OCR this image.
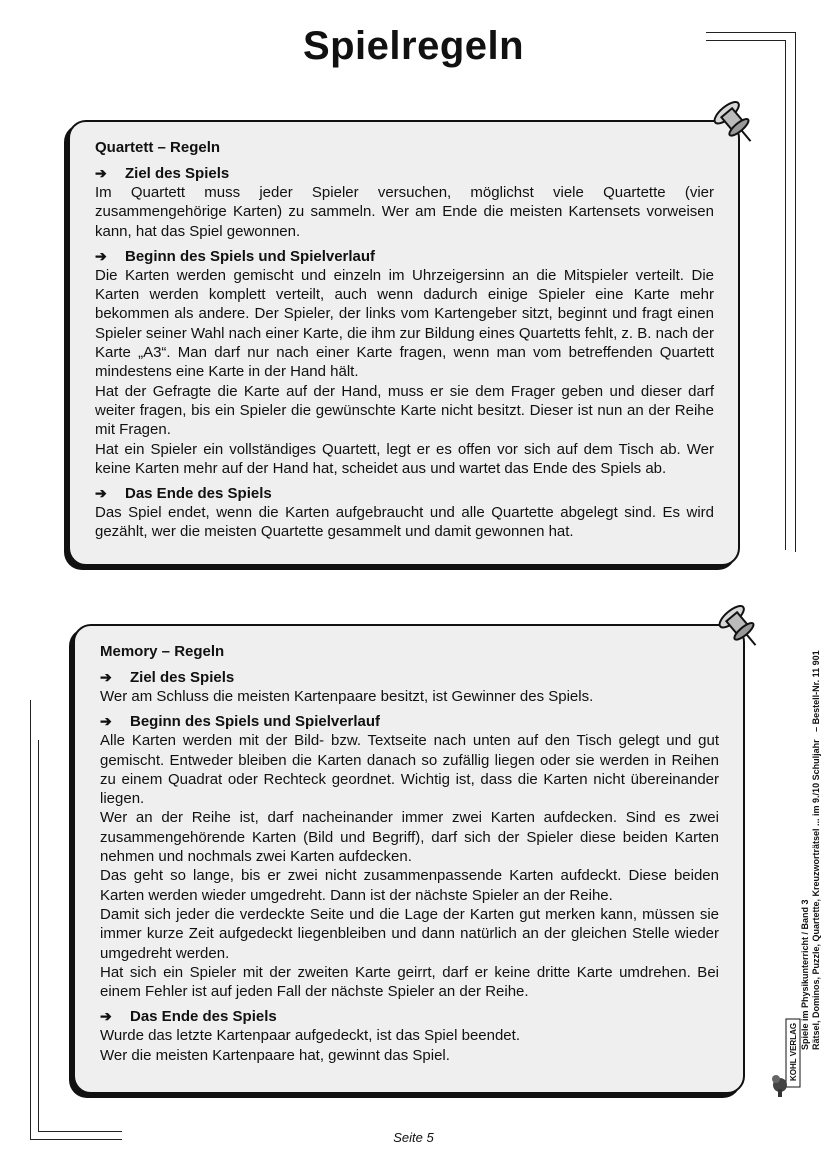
Spielregeln
Quartett – Regeln
➔ Ziel des Spiels
Im Quartett muss jeder Spieler versuchen, möglichst viele Quartette (vier zusammengehörige Karten) zu sammeln. Wer am Ende die meisten Kartensets vorweisen kann, hat das Spiel gewonnen.
➔ Beginn des Spiels und Spielverlauf
Die Karten werden gemischt und einzeln im Uhrzeigersinn an die Mitspieler verteilt. Die Karten werden komplett verteilt, auch wenn dadurch einige Spieler eine Karte mehr bekommen als andere. Der Spieler, der links vom Kartengeber sitzt, beginnt und fragt einen Spieler seiner Wahl nach einer Karte, die ihm zur Bildung eines Quartetts fehlt, z. B. nach der Karte „A3“. Man darf nur nach einer Karte fragen, wenn man vom betreffenden Quartett mindestens eine Karte in der Hand hält.
Hat der Gefragte die Karte auf der Hand, muss er sie dem Frager geben und dieser darf weiter fragen, bis ein Spieler die gewünschte Karte nicht besitzt. Dieser ist nun an der Reihe mit Fragen.
Hat ein Spieler ein vollständiges Quartett, legt er es offen vor sich auf dem Tisch ab. Wer keine Karten mehr auf der Hand hat, scheidet aus und wartet das Ende des Spiels ab.
➔ Das Ende des Spiels
Das Spiel endet, wenn die Karten aufgebraucht und alle Quartette abgelegt sind. Es wird gezählt, wer die meisten Quartette gesammelt und damit gewonnen hat.
Memory – Regeln
➔ Ziel des Spiels
Wer am Schluss die meisten Kartenpaare besitzt, ist Gewinner des Spiels.
➔ Beginn des Spiels und Spielverlauf
Alle Karten werden mit der Bild- bzw. Textseite nach unten auf den Tisch gelegt und gut gemischt. Entweder bleiben die Karten danach so zufällig liegen oder sie werden in Reihen zu einem Quadrat oder Rechteck geordnet. Wichtig ist, dass die Karten nicht übereinander liegen.
Wer an der Reihe ist, darf nacheinander immer zwei Karten aufdecken. Sind es zwei zusammengehörende Karten (Bild und Begriff), darf sich der Spieler diese beiden Karten nehmen und nochmals zwei Karten aufdecken.
Das geht so lange, bis er zwei nicht zusammenpassende Karten aufdeckt. Diese beiden Karten werden wieder umgedreht. Dann ist der nächste Spieler an der Reihe.
Damit sich jeder die verdeckte Seite und die Lage der Karten gut merken kann, müssen sie immer kurze Zeit aufgedeckt liegenbleiben und dann natürlich an der gleichen Stelle wieder umgedreht werden.
Hat sich ein Spieler mit der zweiten Karte geirrt, darf er keine dritte Karte umdrehen. Bei einem Fehler ist auf jeden Fall der nächste Spieler an der Reihe.
➔ Das Ende des Spiels
Wurde das letzte Kartenpaar aufgedeckt, ist das Spiel beendet.
Wer die meisten Kartenpaare hat, gewinnt das Spiel.
Spiele im Physikunterricht / Band 3 Rätsel, Dominos, Puzzle, Quartette, Kreuzworträtsel ... im 9./10 Schuljahr   – Bestell-Nr. 11 901
KOHL VERLAG
Seite 5
